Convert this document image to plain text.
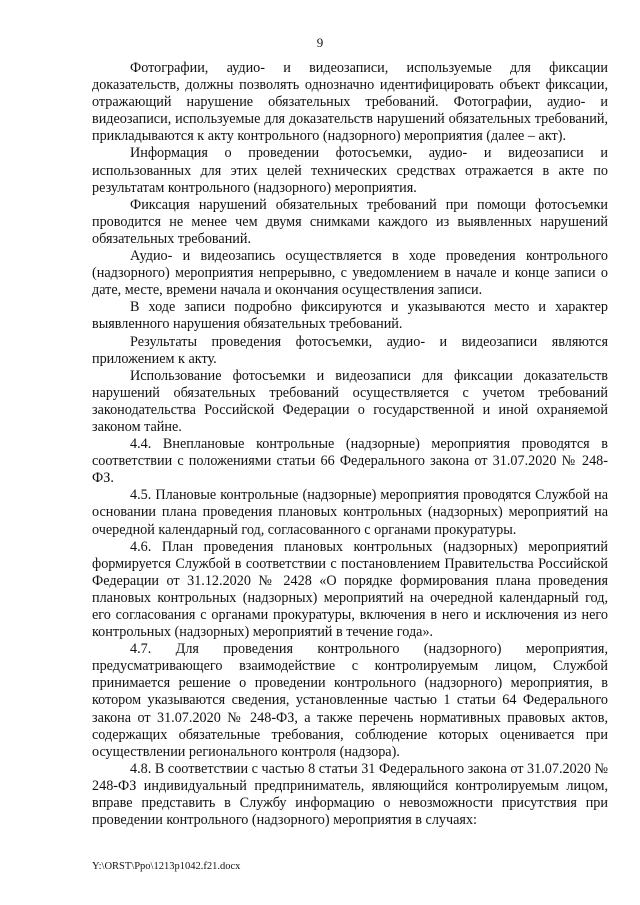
9

Фотографии, аудио- и видеозаписи, используемые для фиксации доказательств, должны позволять однозначно идентифицировать объект фиксации, отражающий нарушение обязательных требований. Фотографии, аудио- и видеозаписи, используемые для доказательств нарушений обязательных требований, прикладываются к акту контрольного (надзорного) мероприятия (далее – акт).

Информация о проведении фотосъемки, аудио- и видеозаписи и использованных для этих целей технических средствах отражается в акте по результатам контрольного (надзорного) мероприятия.

Фиксация нарушений обязательных требований при помощи фотосъемки проводится не менее чем двумя снимками каждого из выявленных нарушений обязательных требований.

Аудио- и видеозапись осуществляется в ходе проведения контрольного (надзорного) мероприятия непрерывно, с уведомлением в начале и конце записи о дате, месте, времени начала и окончания осуществления записи.

В ходе записи подробно фиксируются и указываются место и характер выявленного нарушения обязательных требований.

Результаты проведения фотосъемки, аудио- и видеозаписи являются приложением к акту.

Использование фотосъемки и видеозаписи для фиксации доказательств нарушений обязательных требований осуществляется с учетом требований законодательства Российской Федерации о государственной и иной охраняемой законом тайне.

4.4. Внеплановые контрольные (надзорные) мероприятия проводятся в соответствии с положениями статьи 66 Федерального закона от 31.07.2020 № 248-ФЗ.

4.5. Плановые контрольные (надзорные) мероприятия проводятся Службой на основании плана проведения плановых контрольных (надзорных) мероприятий на очередной календарный год, согласованного с органами прокуратуры.

4.6. План проведения плановых контрольных (надзорных) мероприятий формируется Службой в соответствии с постановлением Правительства Российской Федерации от 31.12.2020 № 2428 «О порядке формирования плана проведения плановых контрольных (надзорных) мероприятий на очередной календарный год, его согласования с органами прокуратуры, включения в него и исключения из него контрольных (надзорных) мероприятий в течение года».

4.7. Для проведения контрольного (надзорного) мероприятия, предусматривающего взаимодействие с контролируемым лицом, Службой принимается решение о проведении контрольного (надзорного) мероприятия, в котором указываются сведения, установленные частью 1 статьи 64 Федерального закона от 31.07.2020 № 248-ФЗ, а также перечень нормативных правовых актов, содержащих обязательные требования, соблюдение которых оценивается при осуществлении регионального контроля (надзора).

4.8. В соответствии с частью 8 статьи 31 Федерального закона от 31.07.2020 № 248-ФЗ индивидуальный предприниматель, являющийся контролируемым лицом, вправе представить в Службу информацию о невозможности присутствия при проведении контрольного (надзорного) мероприятия в случаях:

Y:\ORST\Ppo\1213p1042.f21.docx
